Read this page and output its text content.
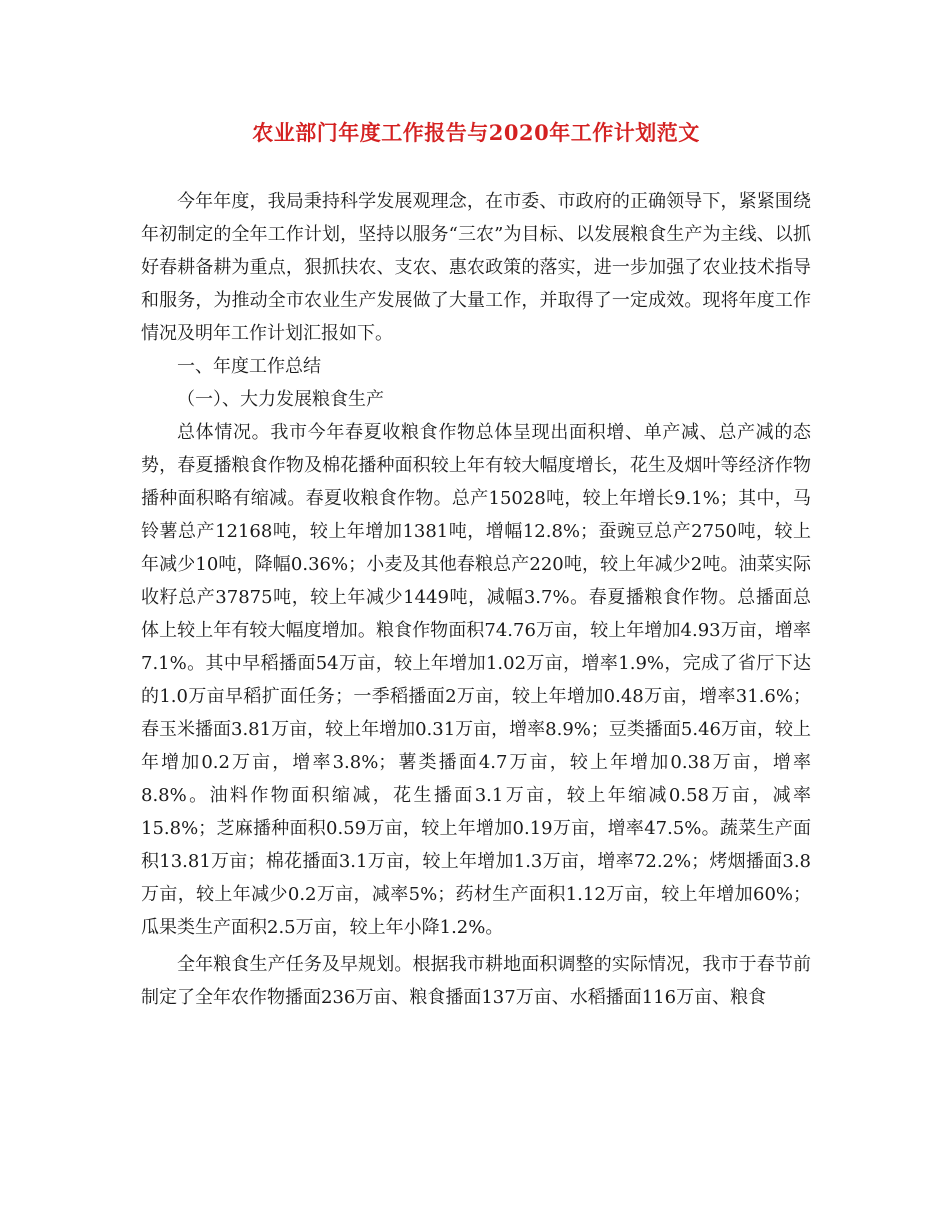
农业部门年度工作报告与2020年工作计划范文

今年年度，我局秉持科学发展观理念，在市委、市政府的正确领导下，紧紧围绕年初制定的全年工作计划，坚持以服务“三农”为目标、以发展粮食生产为主线、以抓好春耕备耕为重点，狠抓扶农、支农、惠农政策的落实，进一步加强了农业技术指导和服务，为推动全市农业生产发展做了大量工作，并取得了一定成效。现将年度工作情况及明年工作计划汇报如下。

一、年度工作总结

（一）、大力发展粮食生产

总体情况。我市今年春夏收粮食作物总体呈现出面积增、单产减、总产减的态势，春夏播粮食作物及棉花播种面积较上年有较大幅度增长，花生及烟叶等经济作物播种面积略有缩减。春夏收粮食作物。总产15028吨，较上年增长9.1%；其中，马铃薯总产12168吨，较上年增加1381吨，增幅12.8%；蚕豌豆总产2750吨，较上年减少10吨，降幅0.36%；小麦及其他春粮总产220吨，较上年减少2吨。油菜实际收籽总产37875吨，较上年减少1449吨，减幅3.7%。春夏播粮食作物。总播面总体上较上年有较大幅度增加。粮食作物面积74.76万亩，较上年增加4.93万亩，增率7.1%。其中早稻播面54万亩，较上年增加1.02万亩，增率1.9%，完成了省厅下达的1.0万亩早稻扩面任务；一季稻播面2万亩，较上年增加0.48万亩，增率31.6%；春玉米播面3.81万亩，较上年增加0.31万亩，增率8.9%；豆类播面5.46万亩，较上年增加0.2万亩，增率3.8%；薯类播面4.7万亩，较上年增加0.38万亩，增率8.8%。油料作物面积缩减，花生播面3.1万亩，较上年缩减0.58万亩，减率15.8%；芝麻播种面积0.59万亩，较上年增加0.19万亩，增率47.5%。蔬菜生产面积13.81万亩；棉花播面3.1万亩，较上年增加1.3万亩，增率72.2%；烤烟播面3.8万亩，较上年减少0.2万亩，减率5%；药材生产面积1.12万亩，较上年增加60%；瓜果类生产面积2.5万亩，较上年小降1.2%。

全年粮食生产任务及早规划。根据我市耕地面积调整的实际情况，我市于春节前制定了全年农作物播面236万亩、粮食播面137万亩、水稻播面116万亩、粮食
